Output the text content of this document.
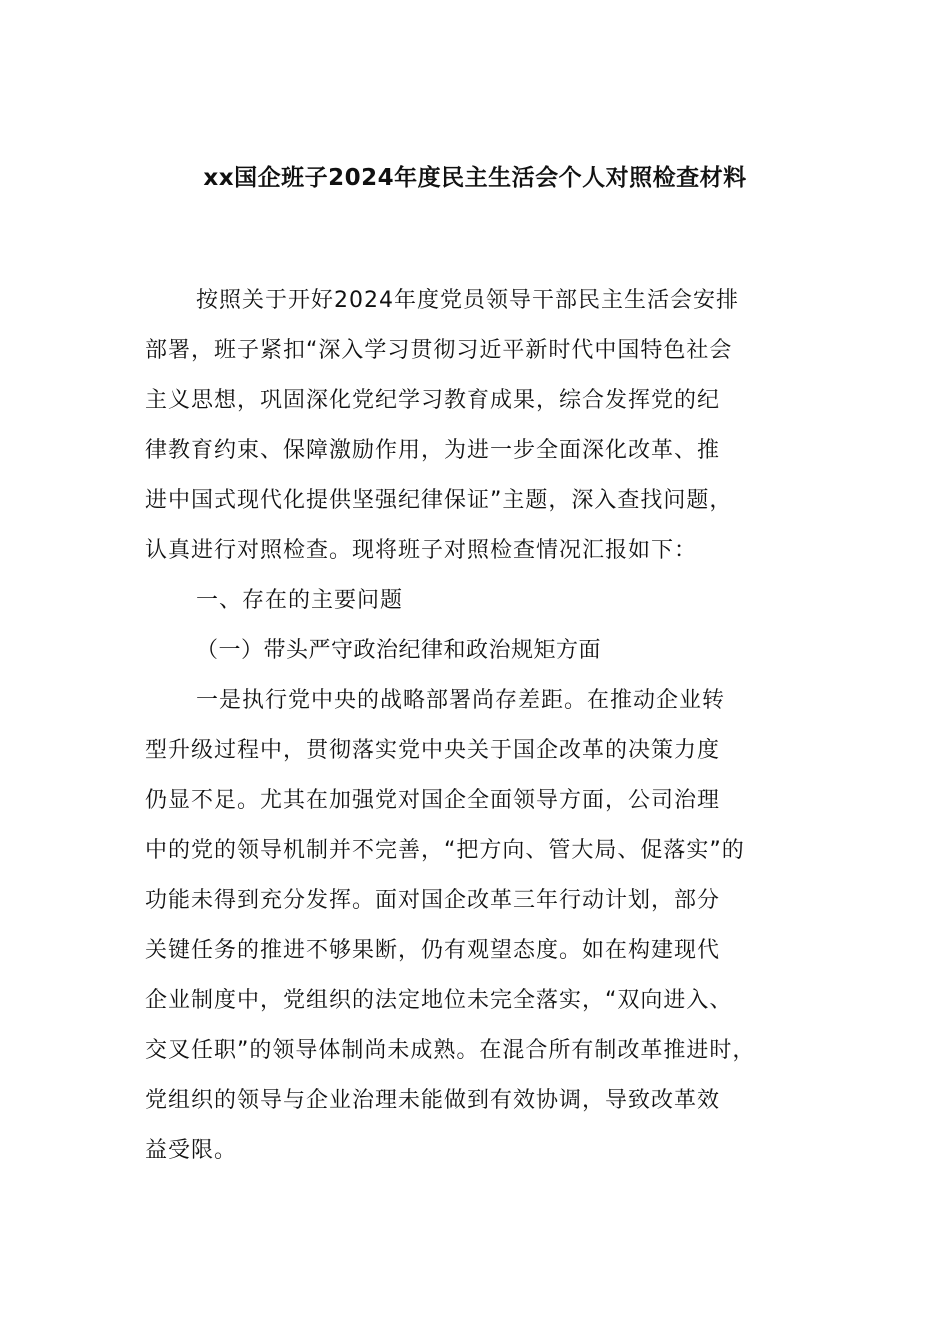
xx国企班子2024年度民主生活会个人对照检查材料
按照关于开好2024年度党员领导干部民主生活会安排
部署，班子紧扣“深入学习贯彻习近平新时代中国特色社会
主义思想，巩固深化党纪学习教育成果，综合发挥党的纪
律教育约束、保障激励作用，为进一步全面深化改革、推
进中国式现代化提供坚强纪律保证”主题，深入查找问题，
认真进行对照检查。现将班子对照检查情况汇报如下：
一、存在的主要问题
（一）带头严守政治纪律和政治规矩方面
一是执行党中央的战略部署尚存差距。在推动企业转
型升级过程中，贯彻落实党中央关于国企改革的决策力度
仍显不足。尤其在加强党对国企全面领导方面，公司治理
中的党的领导机制并不完善，“把方向、管大局、促落实”的
功能未得到充分发挥。面对国企改革三年行动计划，部分
关键任务的推进不够果断，仍有观望态度。如在构建现代
企业制度中，党组织的法定地位未完全落实，“双向进入、
交叉任职”的领导体制尚未成熟。在混合所有制改革推进时，
党组织的领导与企业治理未能做到有效协调，导致改革效
益受限。
